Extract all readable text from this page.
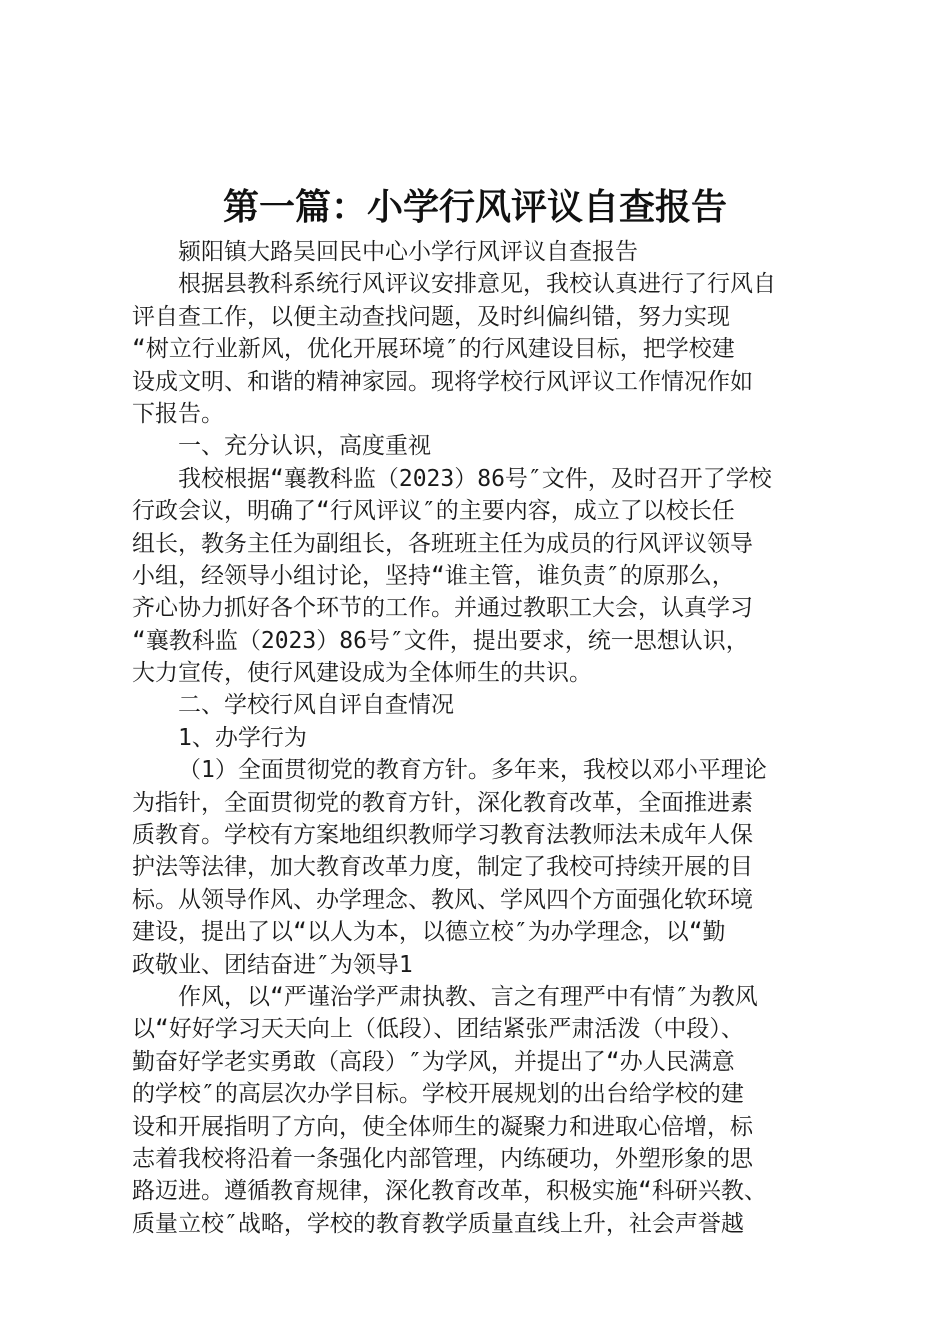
第一篇：小学行风评议自查报告
颍阳镇大路吴回民中心小学行风评议自查报告
根据县教科系统行风评议安排意见，我校认真进行了行风自
评自查工作，以便主动查找问题，及时纠偏纠错，努力实现
“树立行业新风，优化开展环境″的行风建设目标，把学校建
设成文明、和谐的精神家园。现将学校行风评议工作情况作如
下报告。
一、充分认识，高度重视
我校根据“襄教科监（2023）86号″文件，及时召开了学校
行政会议，明确了“行风评议″的主要内容，成立了以校长任
组长，教务主任为副组长，各班班主任为成员的行风评议领导
小组，经领导小组讨论，坚持“谁主管，谁负责″的原那么，
齐心协力抓好各个环节的工作。并通过教职工大会，认真学习
“襄教科监（2023）86号″文件，提出要求，统一思想认识，
大力宣传，使行风建设成为全体师生的共识。
二、学校行风自评自查情况
1、办学行为
（1）全面贯彻党的教育方针。多年来，我校以邓小平理论
为指针，全面贯彻党的教育方针，深化教育改革，全面推进素
质教育。学校有方案地组织教师学习教育法教师法未成年人保
护法等法律，加大教育改革力度，制定了我校可持续开展的目
标。从领导作风、办学理念、教风、学风四个方面强化软环境
建设，提出了以“以人为本，以德立校″为办学理念，以“勤
政敬业、团结奋进″为领导1
作风，以“严谨治学严肃执教、言之有理严中有情″为教风
以“好好学习天天向上（低段）、团结紧张严肃活泼（中段）、
勤奋好学老实勇敢（高段）″为学风，并提出了“办人民满意
的学校″的高层次办学目标。学校开展规划的出台给学校的建
设和开展指明了方向，使全体师生的凝聚力和进取心倍增，标
志着我校将沿着一条强化内部管理，内练硬功，外塑形象的思
路迈进。遵循教育规律，深化教育改革，积极实施“科研兴教、
质量立校″战略，学校的教育教学质量直线上升，社会声誉越
